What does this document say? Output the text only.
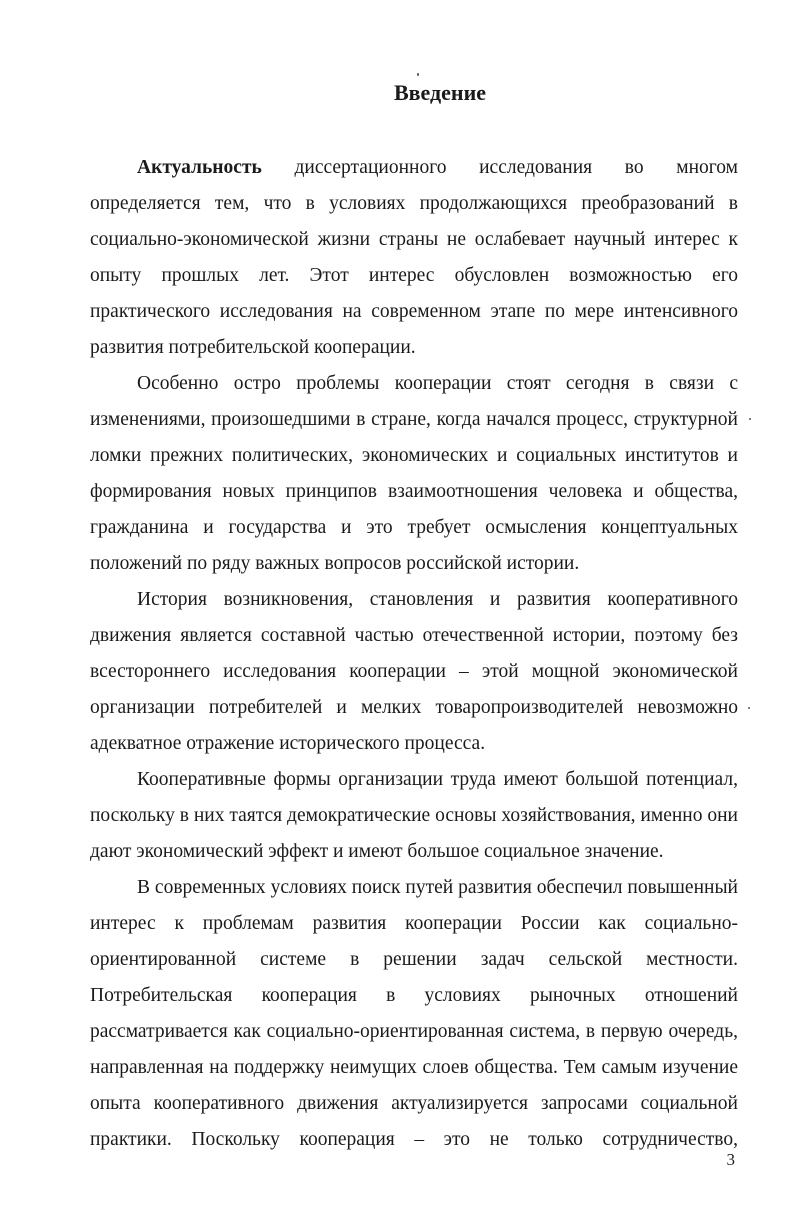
Введение

Актуальность диссертационного исследования во многом определяется тем, что в условиях продолжающихся преобразований в социально-экономической жизни страны не ослабевает научный интерес к опыту прошлых лет. Этот интерес обусловлен возможностью его практического исследования на современном этапе по мере интенсивного развития потребительской кооперации.

Особенно остро проблемы кооперации стоят сегодня в связи с изменениями, произошедшими в стране, когда начался процесс, структурной ломки прежних политических, экономических и социальных институтов и формирования новых принципов взаимоотношения человека и общества, гражданина и государства и это требует осмысления концептуальных положений по ряду важных вопросов российской истории.

История возникновения, становления и развития кооперативного движения является составной частью отечественной истории, поэтому без всестороннего исследования кооперации – этой мощной экономической организации потребителей и мелких товаропроизводителей невозможно адекватное отражение исторического процесса.

Кооперативные формы организации труда имеют большой потенциал, поскольку в них таятся демократические основы хозяйствования, именно они дают экономический эффект и имеют большое социальное значение.

В современных условиях поиск путей развития обеспечил повышенный интерес к проблемам развития кооперации России как социально-ориентированной системе в решении задач сельской местности. Потребительская кооперация в условиях рыночных отношений рассматривается как социально-ориентированная система, в первую очередь, направленная на поддержку неимущих слоев общества. Тем самым изучение опыта кооперативного движения актуализируется запросами социальной практики. Поскольку кооперация – это не только сотрудничество,

3
